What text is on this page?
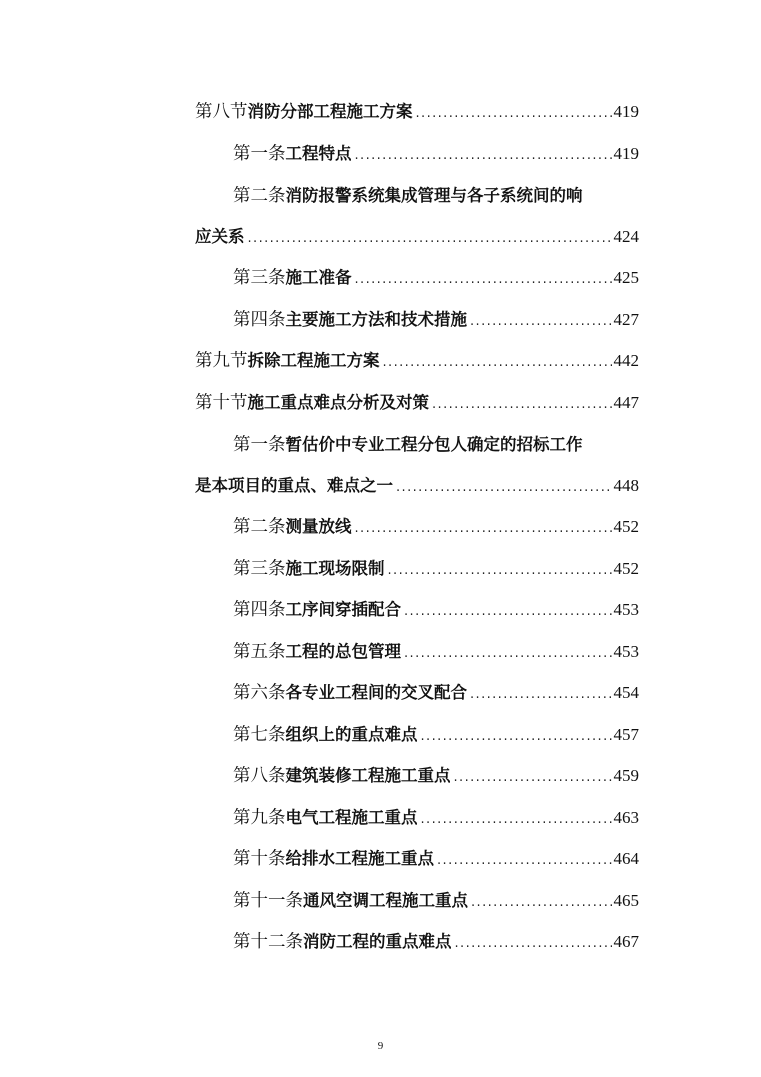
第八节 消防分部工程施工方案 .....	419
第一条 工程特点 .....	419
第二条 消防报警系统集成管理与各子系统间的响
应关系 .....	424
第三条 施工准备 .....	425
第四条 主要施工方法和技术措施 .....	427
第九节 拆除工程施工方案 .....	442
第十节 施工重点难点分析及对策 .....	447
第一条 暂估价中专业工程分包人确定的招标工作
是本项目的重点、难点之一 .....	448
第二条 测量放线 .....	452
第三条 施工现场限制 .....	452
第四条 工序间穿插配合 .....	453
第五条 工程的总包管理 .....	453
第六条 各专业工程间的交叉配合 .....	454
第七条 组织上的重点难点 .....	457
第八条 建筑装修工程施工重点 .....	459
第九条 电气工程施工重点 .....	463
第十条 给排水工程施工重点 .....	464
第十一条 通风空调工程施工重点 .....	465
第十二条 消防工程的重点难点 .....	467
9
